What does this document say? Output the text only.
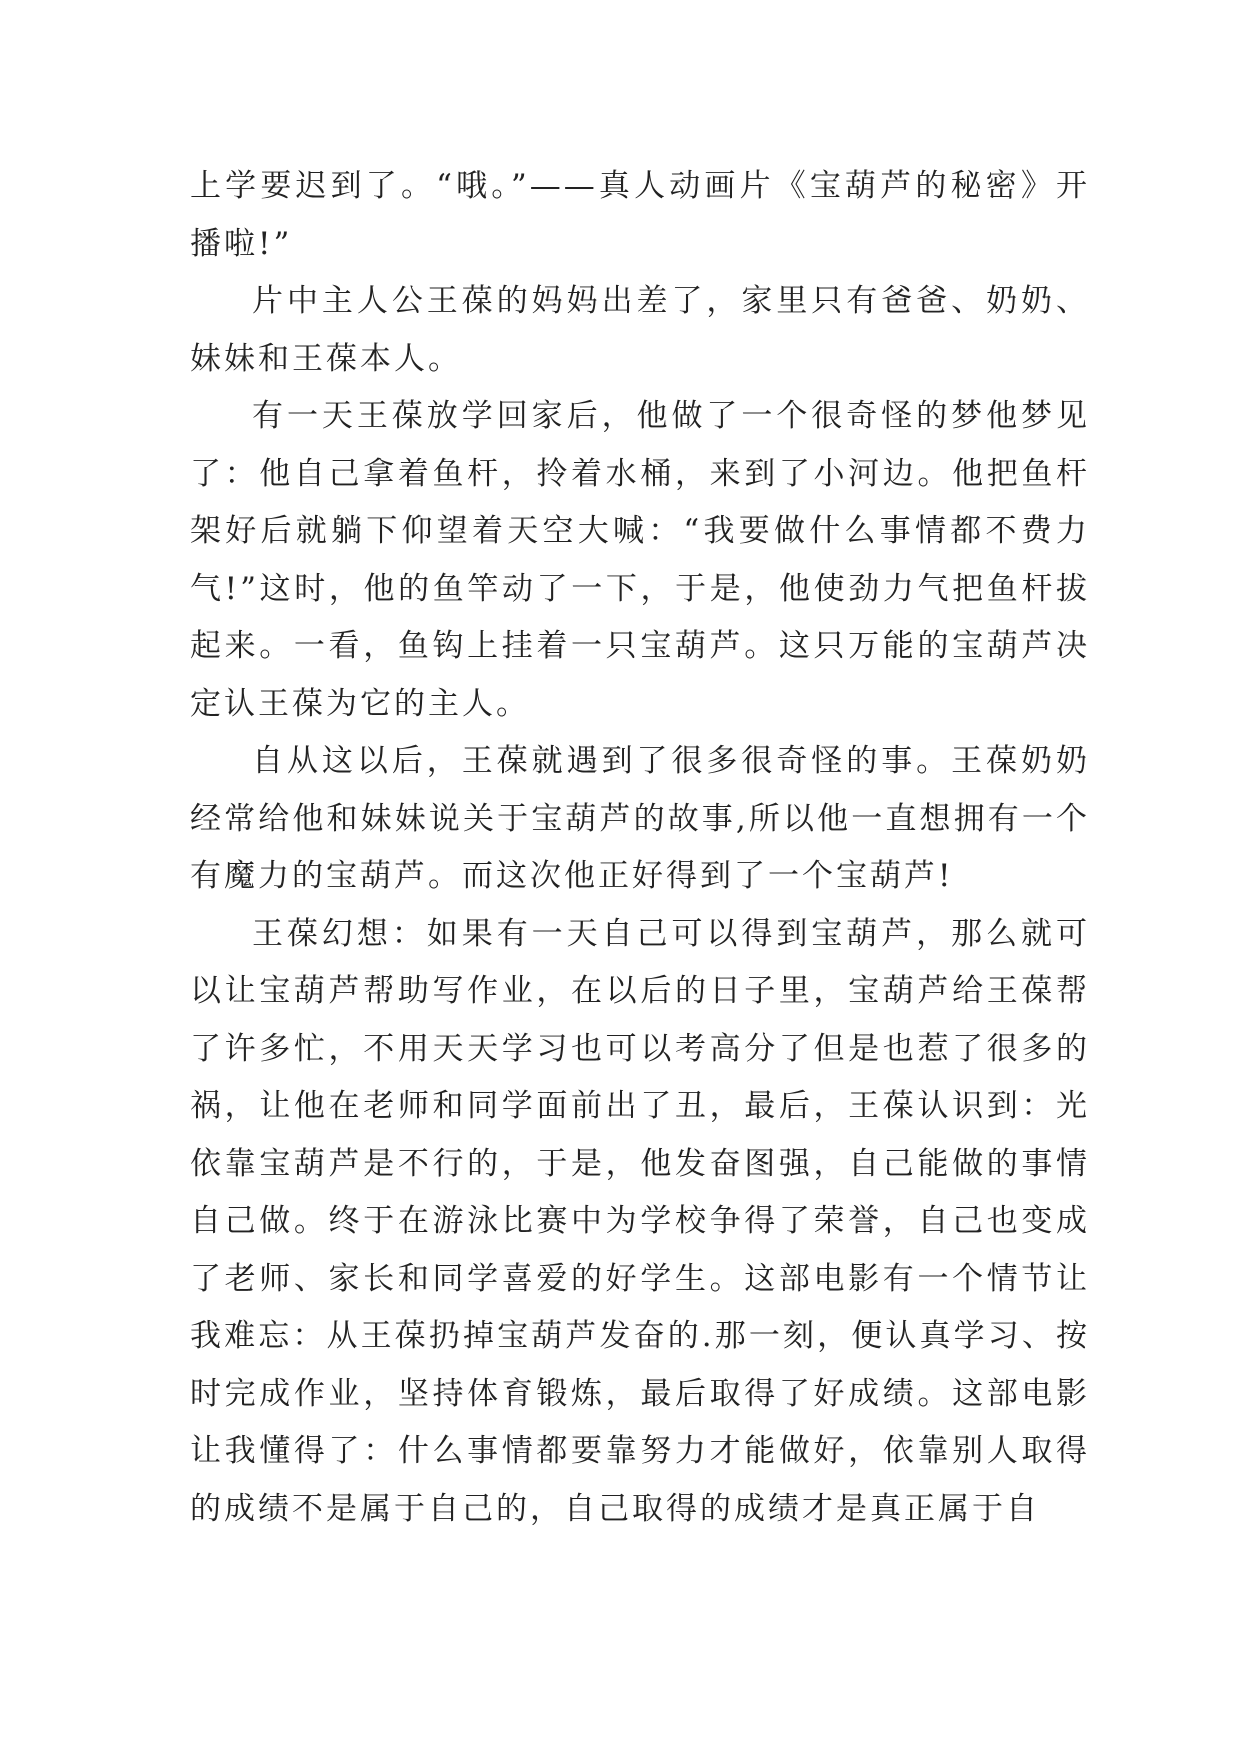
上学要迟到了。“哦。”——真人动画片《宝葫芦的秘密》开播啦!”

片中主人公王葆的妈妈出差了，家里只有爸爸、奶奶、妹妹和王葆本人。

有一天王葆放学回家后，他做了一个很奇怪的梦他梦见了：他自己拿着鱼杆，拎着水桶，来到了小河边。他把鱼杆架好后就躺下仰望着天空大喊：“我要做什么事情都不费力气!”这时，他的鱼竿动了一下，于是，他使劲力气把鱼杆拔起来。一看，鱼钩上挂着一只宝葫芦。这只万能的宝葫芦决定认王葆为它的主人。

自从这以后，王葆就遇到了很多很奇怪的事。王葆奶奶经常给他和妹妹说关于宝葫芦的故事,所以他一直想拥有一个有魔力的宝葫芦。而这次他正好得到了一个宝葫芦!

王葆幻想：如果有一天自己可以得到宝葫芦，那么就可以让宝葫芦帮助写作业，在以后的日子里，宝葫芦给王葆帮了许多忙，不用天天学习也可以考高分了但是也惹了很多的祸，让他在老师和同学面前出了丑，最后，王葆认识到：光依靠宝葫芦是不行的，于是，他发奋图强，自己能做的事情自己做。终于在游泳比赛中为学校争得了荣誉，自己也变成了老师、家长和同学喜爱的好学生。这部电影有一个情节让我难忘：从王葆扔掉宝葫芦发奋的.那一刻，便认真学习、按时完成作业，坚持体育锻炼，最后取得了好成绩。这部电影让我懂得了：什么事情都要靠努力才能做好，依靠别人取得的成绩不是属于自己的，自己取得的成绩才是真正属于自
